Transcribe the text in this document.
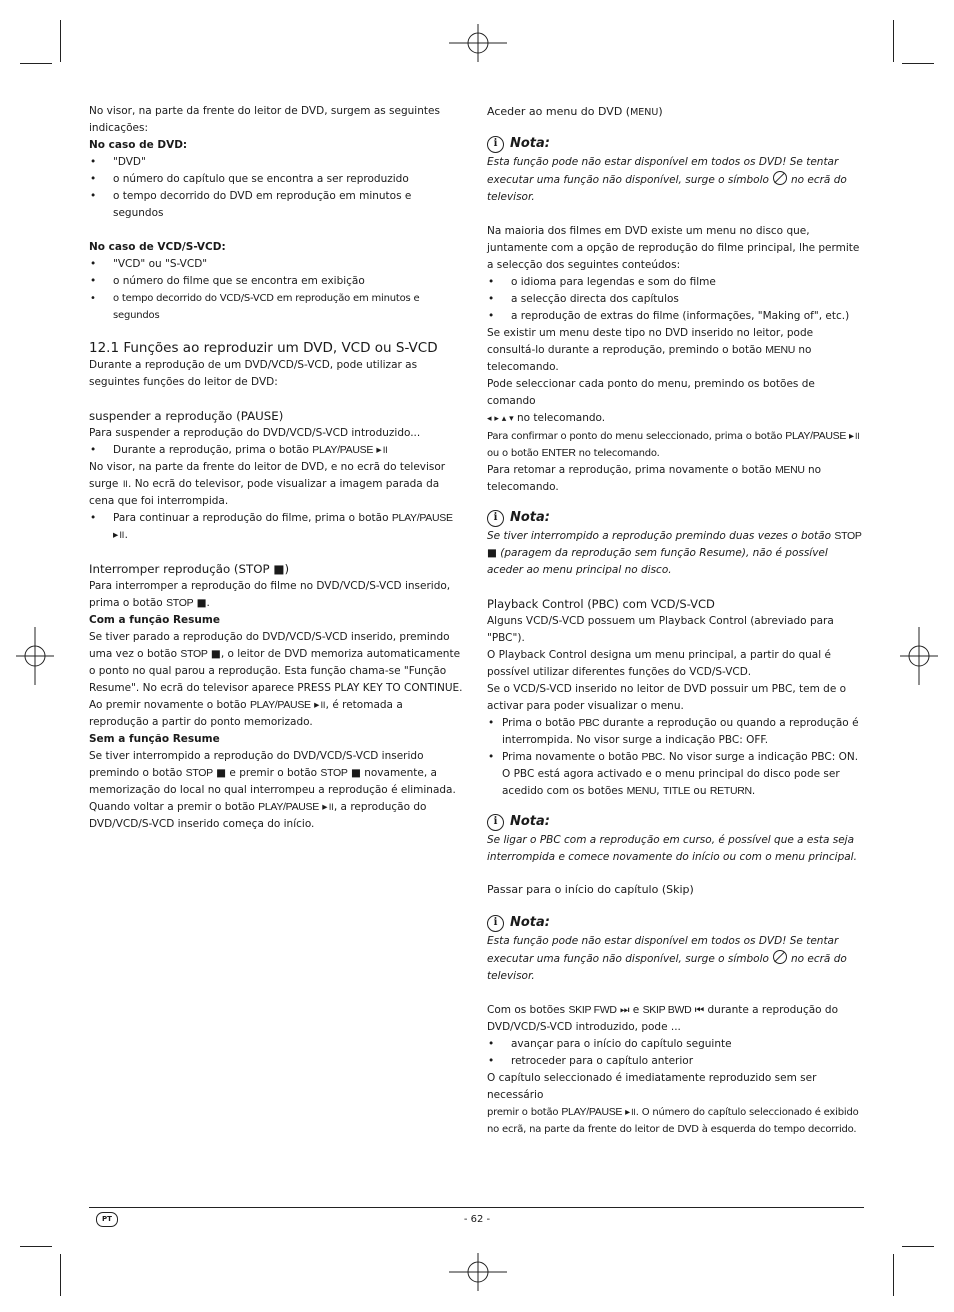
No visor, na parte da frente do leitor de DVD, surgem as seguintes indicações:

No caso de DVD:

• "DVD"
• o número do capítulo que se encontra a ser reproduzido
• o tempo decorrido do DVD em reprodução em minutos e segundos

No caso de VCD/S-VCD:

• "VCD" ou "S-VCD"
• o número do filme que se encontra em exibição
• o tempo decorrido do VCD/S-VCD em reprodução em minutos e segundos
12.1 Funções ao reproduzir um DVD, VCD ou S-VCD

Durante a reprodução de um DVD/VCD/S-VCD, pode utilizar as seguintes funções do leitor de DVD:

suspender a reprodução (PAUSE)

Para suspender a reprodução do DVD/VCD/S-VCD introduzido...

• Durante a reprodução, prima o botão PLAY/PAUSE ▸॥

No visor, na parte da frente do leitor de DVD, e no ecrã do televisor surge ॥. No ecrã do televisor, pode visualizar a imagem parada da cena que foi interrompida.

• Para continuar a reprodução do filme, prima o botão PLAY/PAUSE ▸॥.
Interromper reprodução (STOP ■)

Para interromper a reprodução do filme no DVD/VCD/S-VCD inserido, prima o botão STOP ■.

Com a função Resume

Se tiver parado a reprodução do DVD/VCD/S-VCD inserido, premindo uma vez o botão STOP ■, o leitor de DVD memoriza automaticamente o ponto no qual parou a reprodução. Esta função chama-se "Função Resume". No ecrã do televisor aparece PRESS PLAY KEY TO CONTINUE. Ao premir novamente o botão PLAY/PAUSE ▸॥, é retomada a reprodução a partir do ponto memorizado.

Sem a função Resume

Se tiver interrompido a reprodução do DVD/VCD/S-VCD inserido premindo o botão STOP ■ e premir o botão STOP ■ novamente, a memorização do local no qual interrompeu a reprodução é eliminada. Quando voltar a premir o botão PLAY/PAUSE ▸॥, a reprodução do DVD/VCD/S-VCD inserido começa do início.

Aceder ao menu do DVD (MENU)
i Nota:

Esta função pode não estar disponível em todos os DVD! Se tentar executar uma função não disponível, surge o símbolo no ecrã do televisor.

Na maioria dos filmes em DVD existe um menu no disco que, juntamente com a opção de reprodução do filme principal, lhe permite a selecção dos seguintes conteúdos:

• o idioma para legendas e som do filme
• a selecção directa dos capítulos
• a reprodução de extras do filme (informações, "Making of", etc.)

Se existir um menu deste tipo no DVD inserido no leitor, pode consultá-lo durante a reprodução, premindo o botão MENU no telecomando.

Pode seleccionar cada ponto do menu, premindo os botões de comando

◂ ▸ ▴ ▾ no telecomando.

Para confirmar o ponto do menu seleccionado, prima o botão PLAY/PAUSE ▸॥ ou o botão ENTER no telecomando.

Para retomar a reprodução, prima novamente o botão MENU no telecomando.

i Nota:

Se tiver interrompido a reprodução premindo duas vezes o botão STOP ■ (paragem da reprodução sem função Resume), não é possível aceder ao menu principal no disco.

Playback Control (PBC) com VCD/S-VCD

Alguns VCD/S-VCD possuem um Playback Control (abreviado para "PBC").

O Playback Control designa um menu principal, a partir do qual é possível utilizar diferentes funções do VCD/S-VCD.

Se o VCD/S-VCD inserido no leitor de DVD possuir um PBC, tem de o activar para poder visualizar o menu.

• Prima o botão PBC durante a reprodução ou quando a reprodução é interrompida. No visor surge a indicação PBC: OFF.
• Prima novamente o botão PBC. No visor surge a indicação PBC: ON.
O PBC está agora activado e o menu principal do disco pode ser acedido com os botões MENU, TITLE ou RETURN.
i Nota:

Se ligar o PBC com a reprodução em curso, é possível que a esta seja interrompida e comece novamente do início ou com o menu principal.

Passar para o início do capítulo (Skip)
i Nota:

Esta função pode não estar disponível em todos os DVD! Se tentar executar uma função não disponível, surge o símbolo no ecrã do televisor.

Com os botões SKIP FWD ⏭ e SKIP BWD ⏮ durante a reprodução do DVD/VCD/S-VCD introduzido, pode ...

• avançar para o início do capítulo seguinte
• retroceder para o capítulo anterior

O capítulo seleccionado é imediatamente reproduzido sem ser necessário

premir o botão PLAY/PAUSE ▸॥. O número do capítulo seleccionado é exibido no ecrã, na parte da frente do leitor de DVD à esquerda do tempo decorrido.

PT	- 62 -
